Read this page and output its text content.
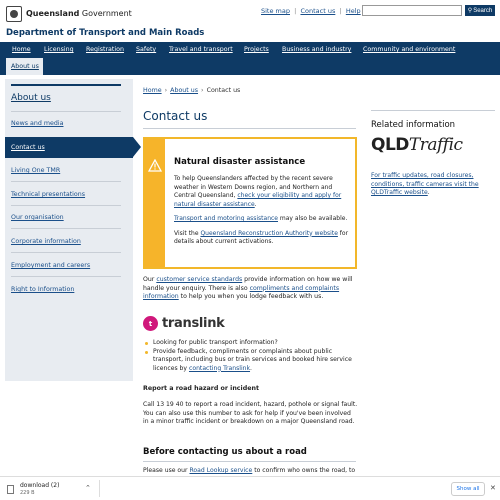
Queensland Government	Site map  |  Contact us  |  Help	⚲ Search
Department of Transport and Main Roads
Home Licensing Registration Safety Travel and transport Projects Business and industry Community and environment
About us
About us
News and media
Contact us
Living One TMR
Technical presentations
Our organisation
Corporate information
Employment and careers
Right to Information
Home › About us › Contact us
Contact us
Natural disaster assistance

To help Queenslanders affected by the recent severe weather in Western Downs region, and Northern and Central Queensland, check your eligibility and apply for natural disaster assistance.

Transport and motoring assistance may also be available.

Visit the Queensland Reconstruction Authority website for details about current activations.

Our customer service standards provide information on how we will handle your enquiry. There is also compliments and complaints information to help you when you lodge feedback with us.
t translink
Looking for public transport information?
Provide feedback, compliments or complaints about public transport, including bus or train services and booked hire service licences by contacting Translink.
Report a road hazard or incident
Call 13 19 40 to report a road incident, hazard, pothole or signal fault. You can also use this number to ask for help if you've been involved in a minor traffic incident or breakdown on a major Queensland road.
Before contacting us about a road
Please use our Road Lookup service to confirm who owns the road, to
Related information
QLDTraffic
For traffic updates, road closures, conditions, traffic cameras visit the QLDTraffic website.
download (2)
229 B
⌃	Show all	✕
